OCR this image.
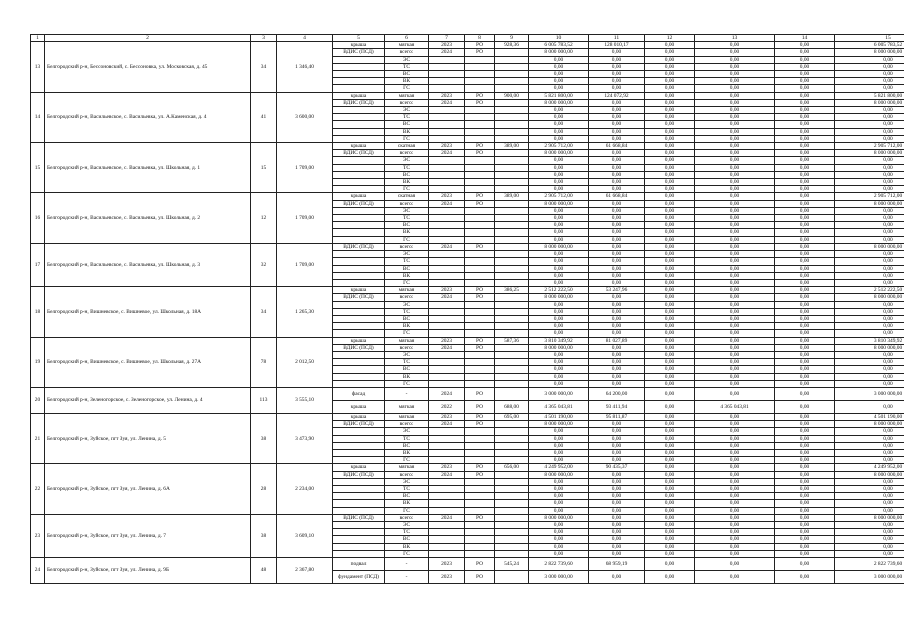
1	2	3	4	5	6	7	8	9	10	11	12	13	14	15
13	Белгородский р-н, Бессоновский, с. Бессоновка, ул. Московская, д. 45	34	1 346,40	крыша	мягкая	2023	РО	928,36	6 005 783,52	128 010,17	0,00	0,00	0,00	6 005 783,52
				ВДИС (ПСД)	всего:	2024	РО		8 000 000,00	0,00	0,00	0,00	0,00	8 000 000,00
					ЭС				0,00	0,00	0,00	0,00	0,00	0,00
					ТС				0,00	0,00	0,00	0,00	0,00	0,00
					ВС				0,00	0,00	0,00	0,00	0,00	0,00
					ВК				0,00	0,00	0,00	0,00	0,00	0,00
					ГС				0,00	0,00	0,00	0,00	0,00	0,00
14	Белгородский р-н, Васильевское, с. Васильевка, ул. А.Каменская, д. 4	41	3 600,00	крыша	мягкая	2023	РО	900,00	5 821 800,00	124 072,92	0,00	0,00	0,00	5 821 800,00
				ВДИС (ПСД)	всего:	2024	РО		8 000 000,00	0,00	0,00	0,00	0,00	8 000 000,00
					ЭС				0,00	0,00	0,00	0,00	0,00	0,00
					ТС				0,00	0,00	0,00	0,00	0,00	0,00
					ВС				0,00	0,00	0,00	0,00	0,00	0,00
					ВК				0,00	0,00	0,00	0,00	0,00	0,00
					ГС				0,00	0,00	0,00	0,00	0,00	0,00
15	Белгородский р-н, Васильевское, с. Васильевка, ул. Школьная, д. 1	15	1 709,00	крыша	скатная	2023	РО	389,00	2 905 712,00	61 668,84	0,00	0,00	0,00	2 905 712,00
				ВДИС (ПСД)	всего:	2024	РО		8 000 000,00	0,00	0,00	0,00	0,00	8 000 000,00
					ЭС				0,00	0,00	0,00	0,00	0,00	0,00
					ТС				0,00	0,00	0,00	0,00	0,00	0,00
					ВС				0,00	0,00	0,00	0,00	0,00	0,00
					ВК				0,00	0,00	0,00	0,00	0,00	0,00
					ГС				0,00	0,00	0,00	0,00	0,00	0,00
16	Белгородский р-н, Васильевское, с. Васильевка, ул. Школьная, д. 2	12	1 709,00	крыша	скатная	2023	РО	389,00	2 905 712,00	61 668,84	0,00	0,00	0,00	2 905 712,00
				ВДИС (ПСД)	всего:	2024	РО		8 000 000,00	0,00	0,00	0,00	0,00	8 000 000,00
					ЭС				0,00	0,00	0,00	0,00	0,00	0,00
					ТС				0,00	0,00	0,00	0,00	0,00	0,00
					ВС				0,00	0,00	0,00	0,00	0,00	0,00
					ВК				0,00	0,00	0,00	0,00	0,00	0,00
					ГС				0,00	0,00	0,00	0,00	0,00	0,00
17	Белгородский р-н, Васильевское, с. Васильевка, ул. Школьная, д. 3	32	1 709,00	ВДИС (ПСД)	всего:	2024	РО		8 000 000,00	0,00	0,00	0,00	0,00	8 000 000,00
					ЭС				0,00	0,00	0,00	0,00	0,00	0,00
					ТС				0,00	0,00	0,00	0,00	0,00	0,00
					ВС				0,00	0,00	0,00	0,00	0,00	0,00
					ВК				0,00	0,00	0,00	0,00	0,00	0,00
					ГС				0,00	0,00	0,00	0,00	0,00	0,00
18	Белгородский р-н, Вишневское, с. Вишневое, ул. Школьная, д. 18А	34	1 265,30	крыша	мягкая	2023	РО	386,25	2 512 222,50	53 247,96	0,00	0,00	0,00	2 512 222,50
				ВДИС (ПСД)	всего:	2024	РО		8 000 000,00	0,00	0,00	0,00	0,00	8 000 000,00
					ЭС				0,00	0,00	0,00	0,00	0,00	0,00
					ТС				0,00	0,00	0,00	0,00	0,00	0,00
					ВС				0,00	0,00	0,00	0,00	0,00	0,00
					ВК				0,00	0,00	0,00	0,00	0,00	0,00
					ГС				0,00	0,00	0,00	0,00	0,00	0,00
19	Белгородский р-н, Вишневское, с. Вишневое, ул. Школьная, д. 27А	78	2 012,50	крыша	мягкая	2023	РО	587,36	3 810 349,92	81 027,89	0,00	0,00	0,00	3 810 349,92
				ВДИС (ПСД)	всего:	2024	РО		8 000 000,00	0,00	0,00	0,00	0,00	8 000 000,00
					ЭС				0,00	0,00	0,00	0,00	0,00	0,00
					ТС				0,00	0,00	0,00	0,00	0,00	0,00
					ВС				0,00	0,00	0,00	0,00	0,00	0,00
					ВК				0,00	0,00	0,00	0,00	0,00	0,00
					ГС				0,00	0,00	0,00	0,00	0,00	0,00
20	Белгородский р-н, Зеленогорское, с. Зеленогорское, ул. Ленина, д. 4	113	3 555,10	фасад	-	2024	РО		3 000 000,00	64 200,00	0,00	0,00	0,00	3 000 000,00
				крыша	мягкая	2022	РО	688,00	4 365 043,81	93 411,94	0,00	4 365 043,81	0,00	0,00
21	Белгородский р-н, Зуйское, пгт Зуя, ул. Ленина, д. 5	38	3 473,90	крыша	мягкая	2023	РО	695,00	4 501 190,00	95 811,87	0,00	0,00	0,00	4 501 190,00
				ВДИС (ПСД)	всего:	2024	РО		8 000 000,00	0,00	0,00	0,00	0,00	8 000 000,00
					ЭС				0,00	0,00	0,00	0,00	0,00	0,00
					ТС				0,00	0,00	0,00	0,00	0,00	0,00
					ВС				0,00	0,00	0,00	0,00	0,00	0,00
					ВК				0,00	0,00	0,00	0,00	0,00	0,00
					ГС				0,00	0,00	0,00	0,00	0,00	0,00
22	Белгородский р-н, Зуйское, пгт Зуя, ул. Ленина, д. 6А	28	2 234,00	крыша	мягкая	2023	РО	656,00	4 249 952,00	90 435,37	0,00	0,00	0,00	4 249 952,00
				ВДИС (ПСД)	всего:	2024	РО		8 000 000,00	0,00	0,00	0,00	0,00	8 000 000,00
					ЭС				0,00	0,00	0,00	0,00	0,00	0,00
					ТС				0,00	0,00	0,00	0,00	0,00	0,00
					ВС				0,00	0,00	0,00	0,00	0,00	0,00
					ВК				0,00	0,00	0,00	0,00	0,00	0,00
					ГС				0,00	0,00	0,00	0,00	0,00	0,00
23	Белгородский р-н, Зуйское, пгт Зуя, ул. Ленина, д. 7	38	3 609,10	ВДИС (ПСД)	всего:	2024	РО		8 000 000,00	0,00	0,00	0,00	0,00	8 000 000,00
					ЭС				0,00	0,00	0,00	0,00	0,00	0,00
					ТС				0,00	0,00	0,00	0,00	0,00	0,00
					ВС				0,00	0,00	0,00	0,00	0,00	0,00
					ВК				0,00	0,00	0,00	0,00	0,00	0,00
					ГС				0,00	0,00	0,00	0,00	0,00	0,00
24	Белгородский р-н, Зуйское, пгт Зуя, ул. Ленина, д. 9Б	48	2 367,80	подвал	-	2023	РО	545,24	2 822 739,60	68 959,19	0,00	0,00	0,00	2 822 739,60
				фундамент (ПСД)	-	2023	РО		3 000 000,00	0,00	0,00	0,00	0,00	3 000 000,00
